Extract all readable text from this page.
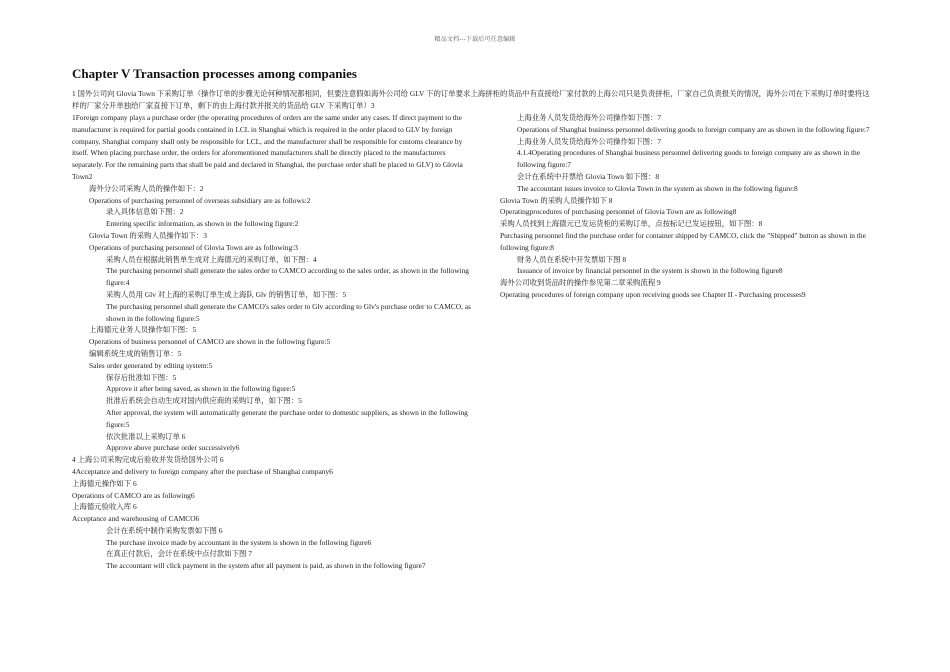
精品文档---下载后可任意编辑
Chapter V Transaction processes among companies
1 国外公司向 Glovia Town 下采购订单（操作订单的步骤无论何种情况都相同，但要注意假如海外公司给 GLV 下的订单要求上海拼柜的货品中有直接给厂家付款的上海公司只是负责拼柜，厂家自己负责报关的情况，海外公司在下采购订单时要将这样的厂家分开单独给厂家直接下订单，剩下的由上海付款并报关的货品给 GLV 下采购订单）3
1Foreign company plays a purchase order (the operating procedures of orders are the same under any cases. If direct payment to the manufacturer is required for partial goods contained in LCL in Shanghai which is required in the order placed to GLV by foreign company, Shanghai company shall only be responsible for LCL, and the manufacturer shall be responsible for customs clearance by itself. When placing purchase order, the orders for aforementioned manufacturers shall be directly placed to the manufacturers separately. For the remaining parts that shall be paid and declared in Shanghai, the purchase order shall be placed to GLV) to Glovia Town2
海外分公司采购人员的操作如下：2
Operations of purchasing personnel of overseas subsidiary are as follows:2
录入具体信息如下图：2
Entering specific information, as shown in the following figure:2
Glovia Town 的采购人员操作如下：3
Operations of purchasing personnel of Glovia Town are as following:3
采购人员在根据此销售单生成对上海德元的采购订单，如下图：4
The purchasing personnel shall generate the sales order to CAMCO according to the sales order, as shown in the following figure:4
采购人员用 Glv 对上海的采购订单生成上海队 Glv 的销售订单，如下图：5
The purchasing personnel shall generate the CAMCO's sales order to Glv according to Glv's purchase order to CAMCO, as shown in the following figure:5
上海德元业务人员操作如下图：5
Operations of business personnel of CAMCO are shown in the following figure:5
编辑系统生成的销售订单：5
Sales order generated by editing system:5
保存后批准如下图：5
Approve it after being saved, as shown in the following figure:5
批准后系统会自动生成对国内供应商的采购订单，如下图：5
After approval, the system will automatically generate the purchase order to domestic suppliers, as shown in the following figure:5
依次批准以上采购订单 6
Approve above purchase order successively6
4 上海公司采购完成后验收并发货给国外公司 6
4Acceptance and delivery to foreign company after the purchase of Shanghai company6
上海德元操作如下 6
Operations of CAMCO are as following6
上海德元验收入库 6
Acceptance and warehousing of CAMCO6
会计在系统中制作采购发票如下图 6
The purchase invoice made by accountant in the system is shown in the following figure6
在真正付款后，会计在系统中点付款如下图 7
The accountant will click payment in the system after all payment is paid, as shown in the following figure7
上海业务人员发货给海外公司操作如下图：7
Operations of Shanghai business personnel delivering goods to foreign company are as shown in the following figure:7
上海业务人员发货给海外公司操作如下图：7
4.1.4Operating procedures of Shanghai business personnel delivering goods to foreign company are as shown in the following figure:7
会计在系统中开票给 Glovia Town 如下图：8
The accountant issues invoice to Glovia Town in the system as shown in the following figure:8
Glovia Town 的采购人员操作如下 8
Operatingprocedures of purchasing personnel of Glovia Town are as following8
采购人员找到上海德元已发运货柜的采购订单，点按标记已发运按钮，如下图：8
Purchasing personnel find the purchase order for container shipped by CAMCO, click the "Shipped" button as shown in the following figure:8
财务人员在系统中开发票如下图 8
Issuance of invoice by financial personnel in the system is shown in the following figure8
海外公司收到货品时的操作参见第二章采购流程 9
Operating procedures of foreign company upon receiving goods see Chapter II - Purchasing processes9
